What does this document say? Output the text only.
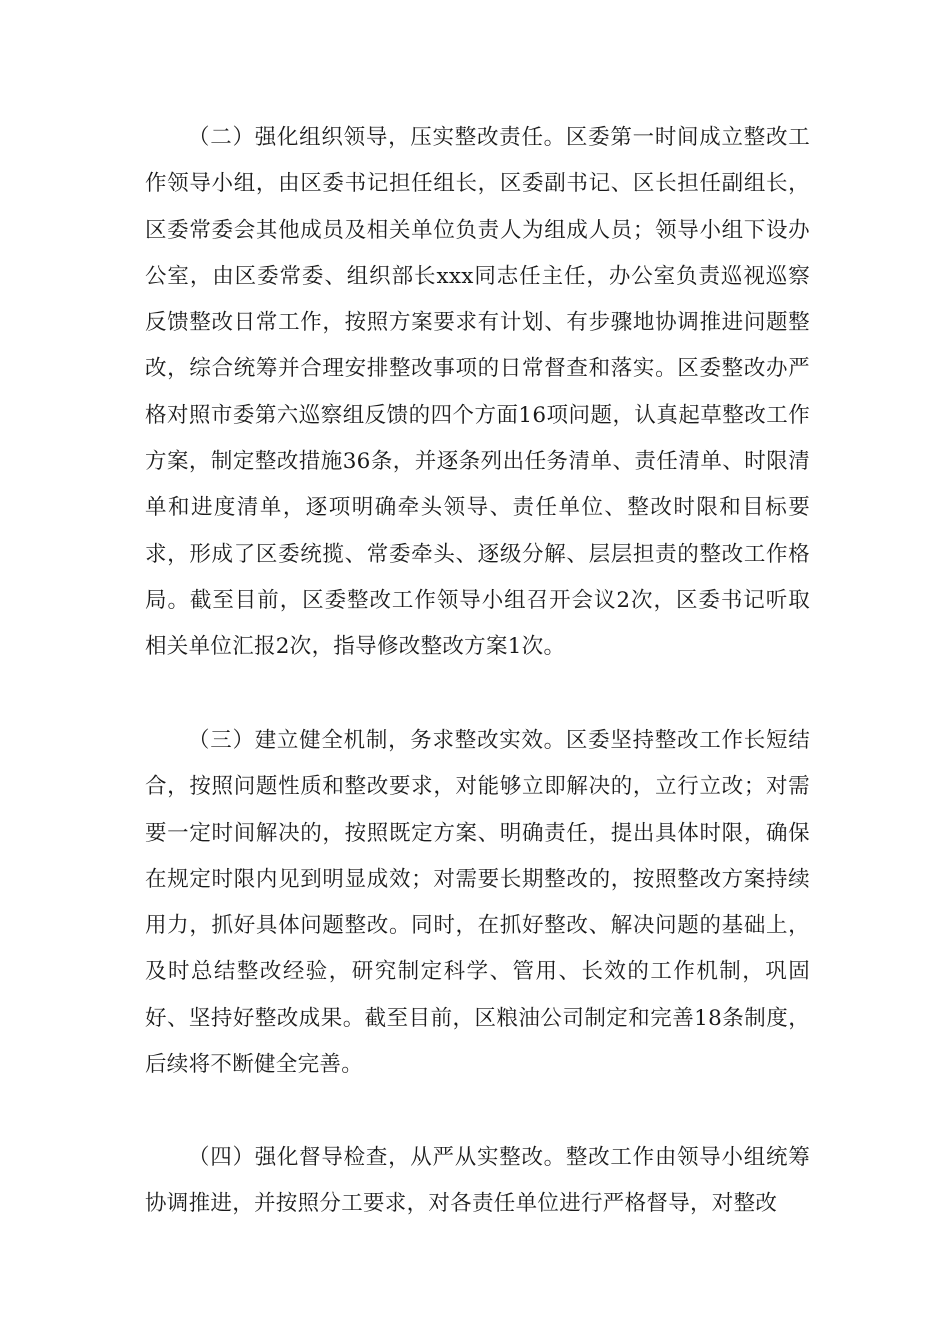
（二）强化组织领导，压实整改责任。区委第一时间成立整改工作领导小组，由区委书记担任组长，区委副书记、区长担任副组长，区委常委会其他成员及相关单位负责人为组成人员；领导小组下设办公室，由区委常委、组织部长xxx同志任主任，办公室负责巡视巡察反馈整改日常工作，按照方案要求有计划、有步骤地协调推进问题整改，综合统筹并合理安排整改事项的日常督查和落实。区委整改办严格对照市委第六巡察组反馈的四个方面16项问题，认真起草整改工作方案，制定整改措施36条，并逐条列出任务清单、责任清单、时限清单和进度清单，逐项明确牵头领导、责任单位、整改时限和目标要求，形成了区委统揽、常委牵头、逐级分解、层层担责的整改工作格局。截至目前，区委整改工作领导小组召开会议2次，区委书记听取相关单位汇报2次，指导修改整改方案1次。

（三）建立健全机制，务求整改实效。区委坚持整改工作长短结合，按照问题性质和整改要求，对能够立即解决的，立行立改；对需要一定时间解决的，按照既定方案、明确责任，提出具体时限，确保在规定时限内见到明显成效；对需要长期整改的，按照整改方案持续用力，抓好具体问题整改。同时，在抓好整改、解决问题的基础上，及时总结整改经验，研究制定科学、管用、长效的工作机制，巩固好、坚持好整改成果。截至目前，区粮油公司制定和完善18条制度，后续将不断健全完善。

（四）强化督导检查，从严从实整改。整改工作由领导小组统筹协调推进，并按照分工要求，对各责任单位进行严格督导，对整改
